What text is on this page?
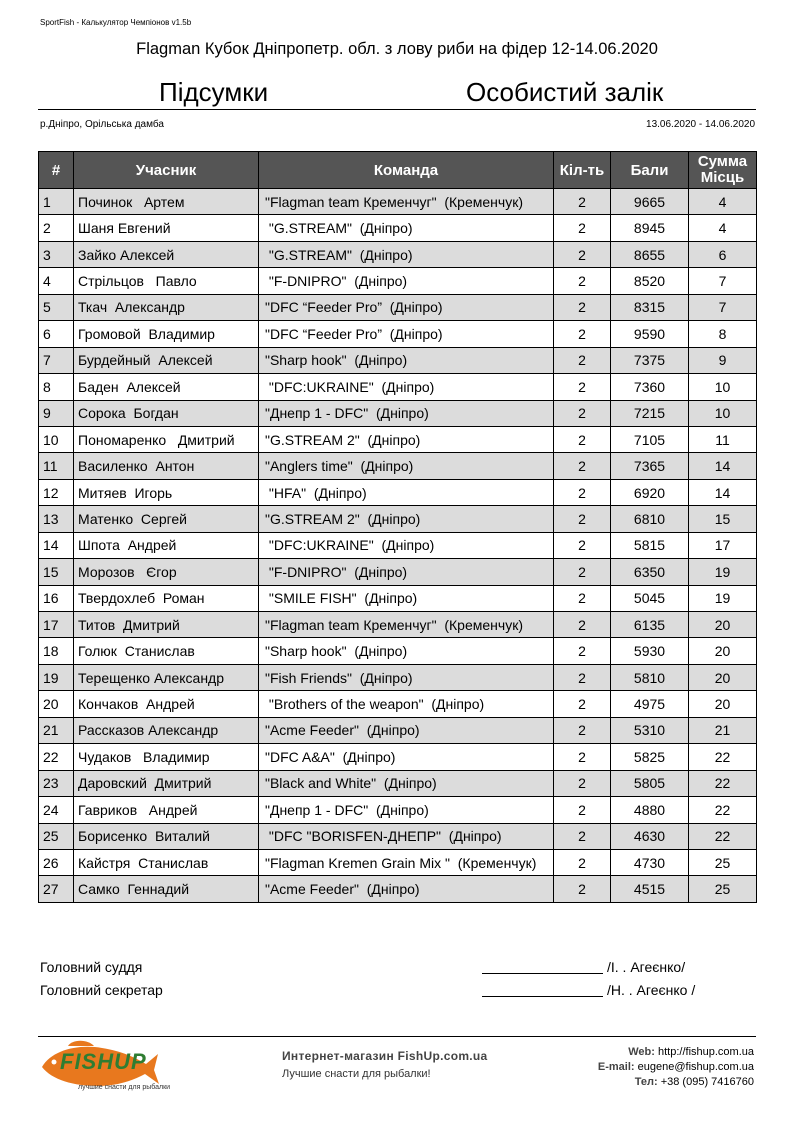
SportFish - Калькулятор Чемпіонов v1.5b
Flagman Кубок Дніпропетр. обл. з лову риби на фідер 12-14.06.2020
Підсумки	Особистий залік
р.Дніпро, Орільська дамба	13.06.2020 - 14.06.2020
#	Учасник	Команда	Кіл-ть	Бали	Сумма
Місць

1	Починок   Артем	"Flagman team Кременчуг"  (Кременчук)	2	9665	4
2	Шаня Евгений	"G.STREAM"  (Дніпро)	2	8945	4
3	Зайко Алексей	"G.STREAM"  (Дніпро)	2	8655	6
4	Стрільцов   Павло	"F-DNIPRO"  (Дніпро)	2	8520	7
5	Ткач  Александр	"DFC “Feeder Pro”  (Дніпро)	2	8315	7
6	Громовой  Владимир	"DFC “Feeder Pro”  (Дніпро)	2	9590	8
7	Бурдейный  Алексей	"Sharp hook"  (Дніпро)	2	7375	9
8	Баден  Алексей	"DFC:UKRAINE"  (Дніпро)	2	7360	10
9	Сорока  Богдан	"Днепр 1 - DFC"  (Дніпро)	2	7215	10
10	Пономаренко   Дмитрий	"G.STREAM 2"  (Дніпро)	2	7105	11
11	Василенко  Антон	"Anglers time"  (Дніпро)	2	7365	14
12	Митяев  Игорь	"HFA"  (Дніпро)	2	6920	14
13	Матенко  Сергей	"G.STREAM 2"  (Дніпро)	2	6810	15
14	Шпота  Андрей	"DFC:UKRAINE"  (Дніпро)	2	5815	17
15	Морозов   Єгор	"F-DNIPRO"  (Дніпро)	2	6350	19
16	Твердохлеб  Роман	"SMILE FISH"  (Дніпро)	2	5045	19
17	Титов  Дмитрий	"Flagman team Кременчуг"  (Кременчук)	2	6135	20
18	Голюк  Станислав	"Sharp hook"  (Дніпро)	2	5930	20
19	Терещенко Александр	"Fish Friends"  (Дніпро)	2	5810	20
20	Кончаков  Андрей	"Brothers of the weapon"  (Дніпро)	2	4975	20
21	Рассказов Александр	"Acme Feeder"  (Дніпро)	2	5310	21
22	Чудаков   Владимир	"DFC A&A"  (Дніпро)	2	5825	22
23	Даровский  Дмитрий	"Black and White"  (Дніпро)	2	5805	22
24	Гавриков   Андрей	"Днепр 1 - DFC"  (Дніпро)	2	4880	22
25	Борисенко  Виталий	"DFC "BORISFEN-ДНЕПР"  (Дніпро)	2	4630	22
26	Кайстря  Станислав	"Flagman Kremen Grain Mix "  (Кременчук)	2	4730	25
27	Самко  Геннадий	"Acme Feeder"  (Дніпро)	2	4515	25
Головний суддя	/І. . Агеєнко/
Головний секретар	/Н. . Агеєнко /
FISHUP
лучшие снасти для рыбалки
Интернет-магазин FishUp.com.ua
Лучшие снасти для рыбалки!
Web: http://fishup.com.ua
E-mail: eugene@fishup.com.ua
Тел: +38 (095) 7416760
